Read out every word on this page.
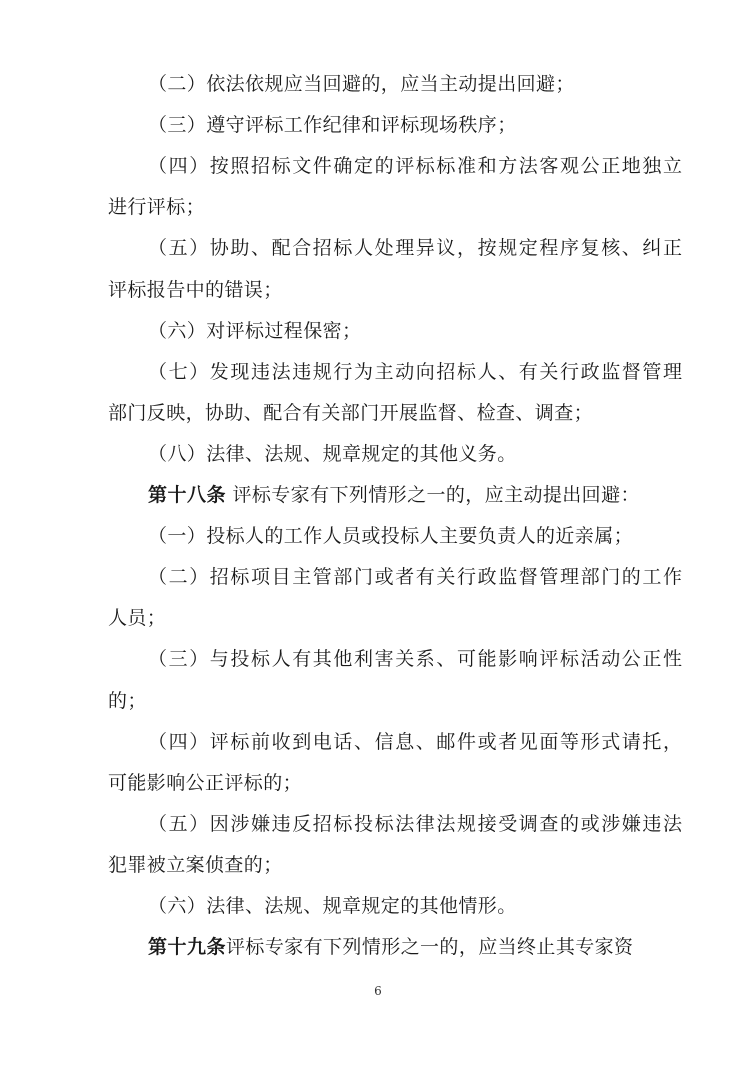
（二）依法依规应当回避的，应当主动提出回避；
（三）遵守评标工作纪律和评标现场秩序；
（四）按照招标文件确定的评标标准和方法客观公正地独立
进行评标；
（五）协助、配合招标人处理异议，按规定程序复核、纠正
评标报告中的错误；
（六）对评标过程保密；
（七）发现违法违规行为主动向招标人、有关行政监督管理
部门反映，协助、配合有关部门开展监督、检查、调查；
（八）法律、法规、规章规定的其他义务。
第十八条 评标专家有下列情形之一的，应主动提出回避：
（一）投标人的工作人员或投标人主要负责人的近亲属；
（二）招标项目主管部门或者有关行政监督管理部门的工作
人员；
（三）与投标人有其他利害关系、可能影响评标活动公正性
的；
（四）评标前收到电话、信息、邮件或者见面等形式请托，
可能影响公正评标的；
（五）因涉嫌违反招标投标法律法规接受调查的或涉嫌违法
犯罪被立案侦查的；
（六）法律、法规、规章规定的其他情形。
6
第十九条评标专家有下列情形之一的，应当终止其专家资
